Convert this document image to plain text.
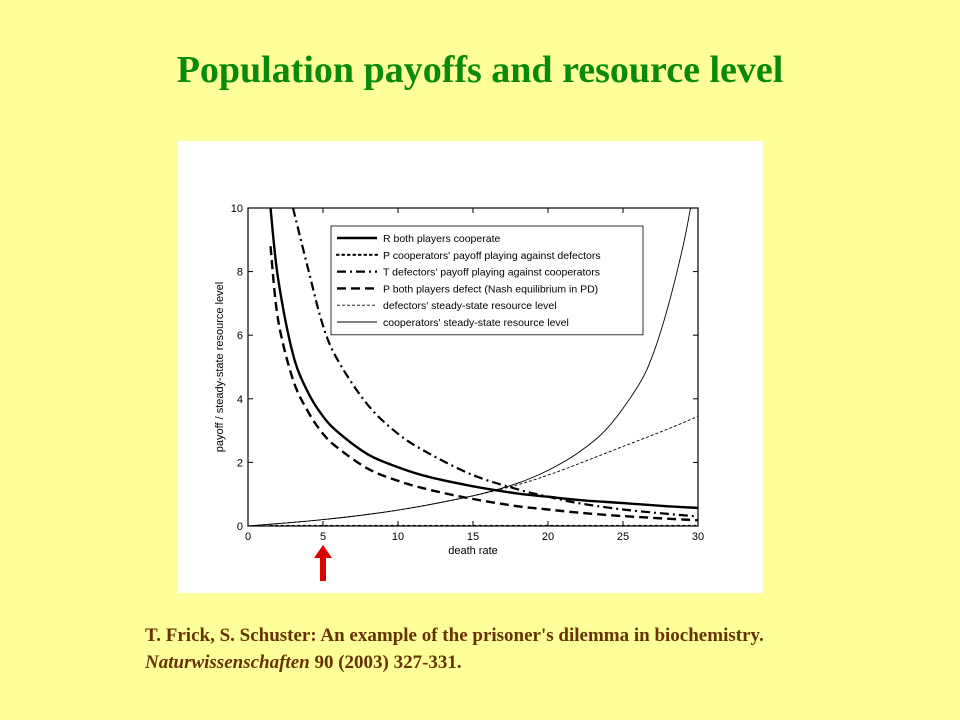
Population payoffs and resource level
0	5	10	15	20	25	30
0
2
4
6
8
10
death rate
payoff / steady-state resource level
R both players cooperate
P cooperators' payoff playing against defectors
T defectors' payoff playing against cooperators
P both players defect (Nash equilibrium in PD)
defectors' steady-state resource level
cooperators' steady-state resource level
T. Frick, S. Schuster: An example of the prisoner's dilemma in biochemistry.
Naturwissenschaften 90 (2003) 327-331.
